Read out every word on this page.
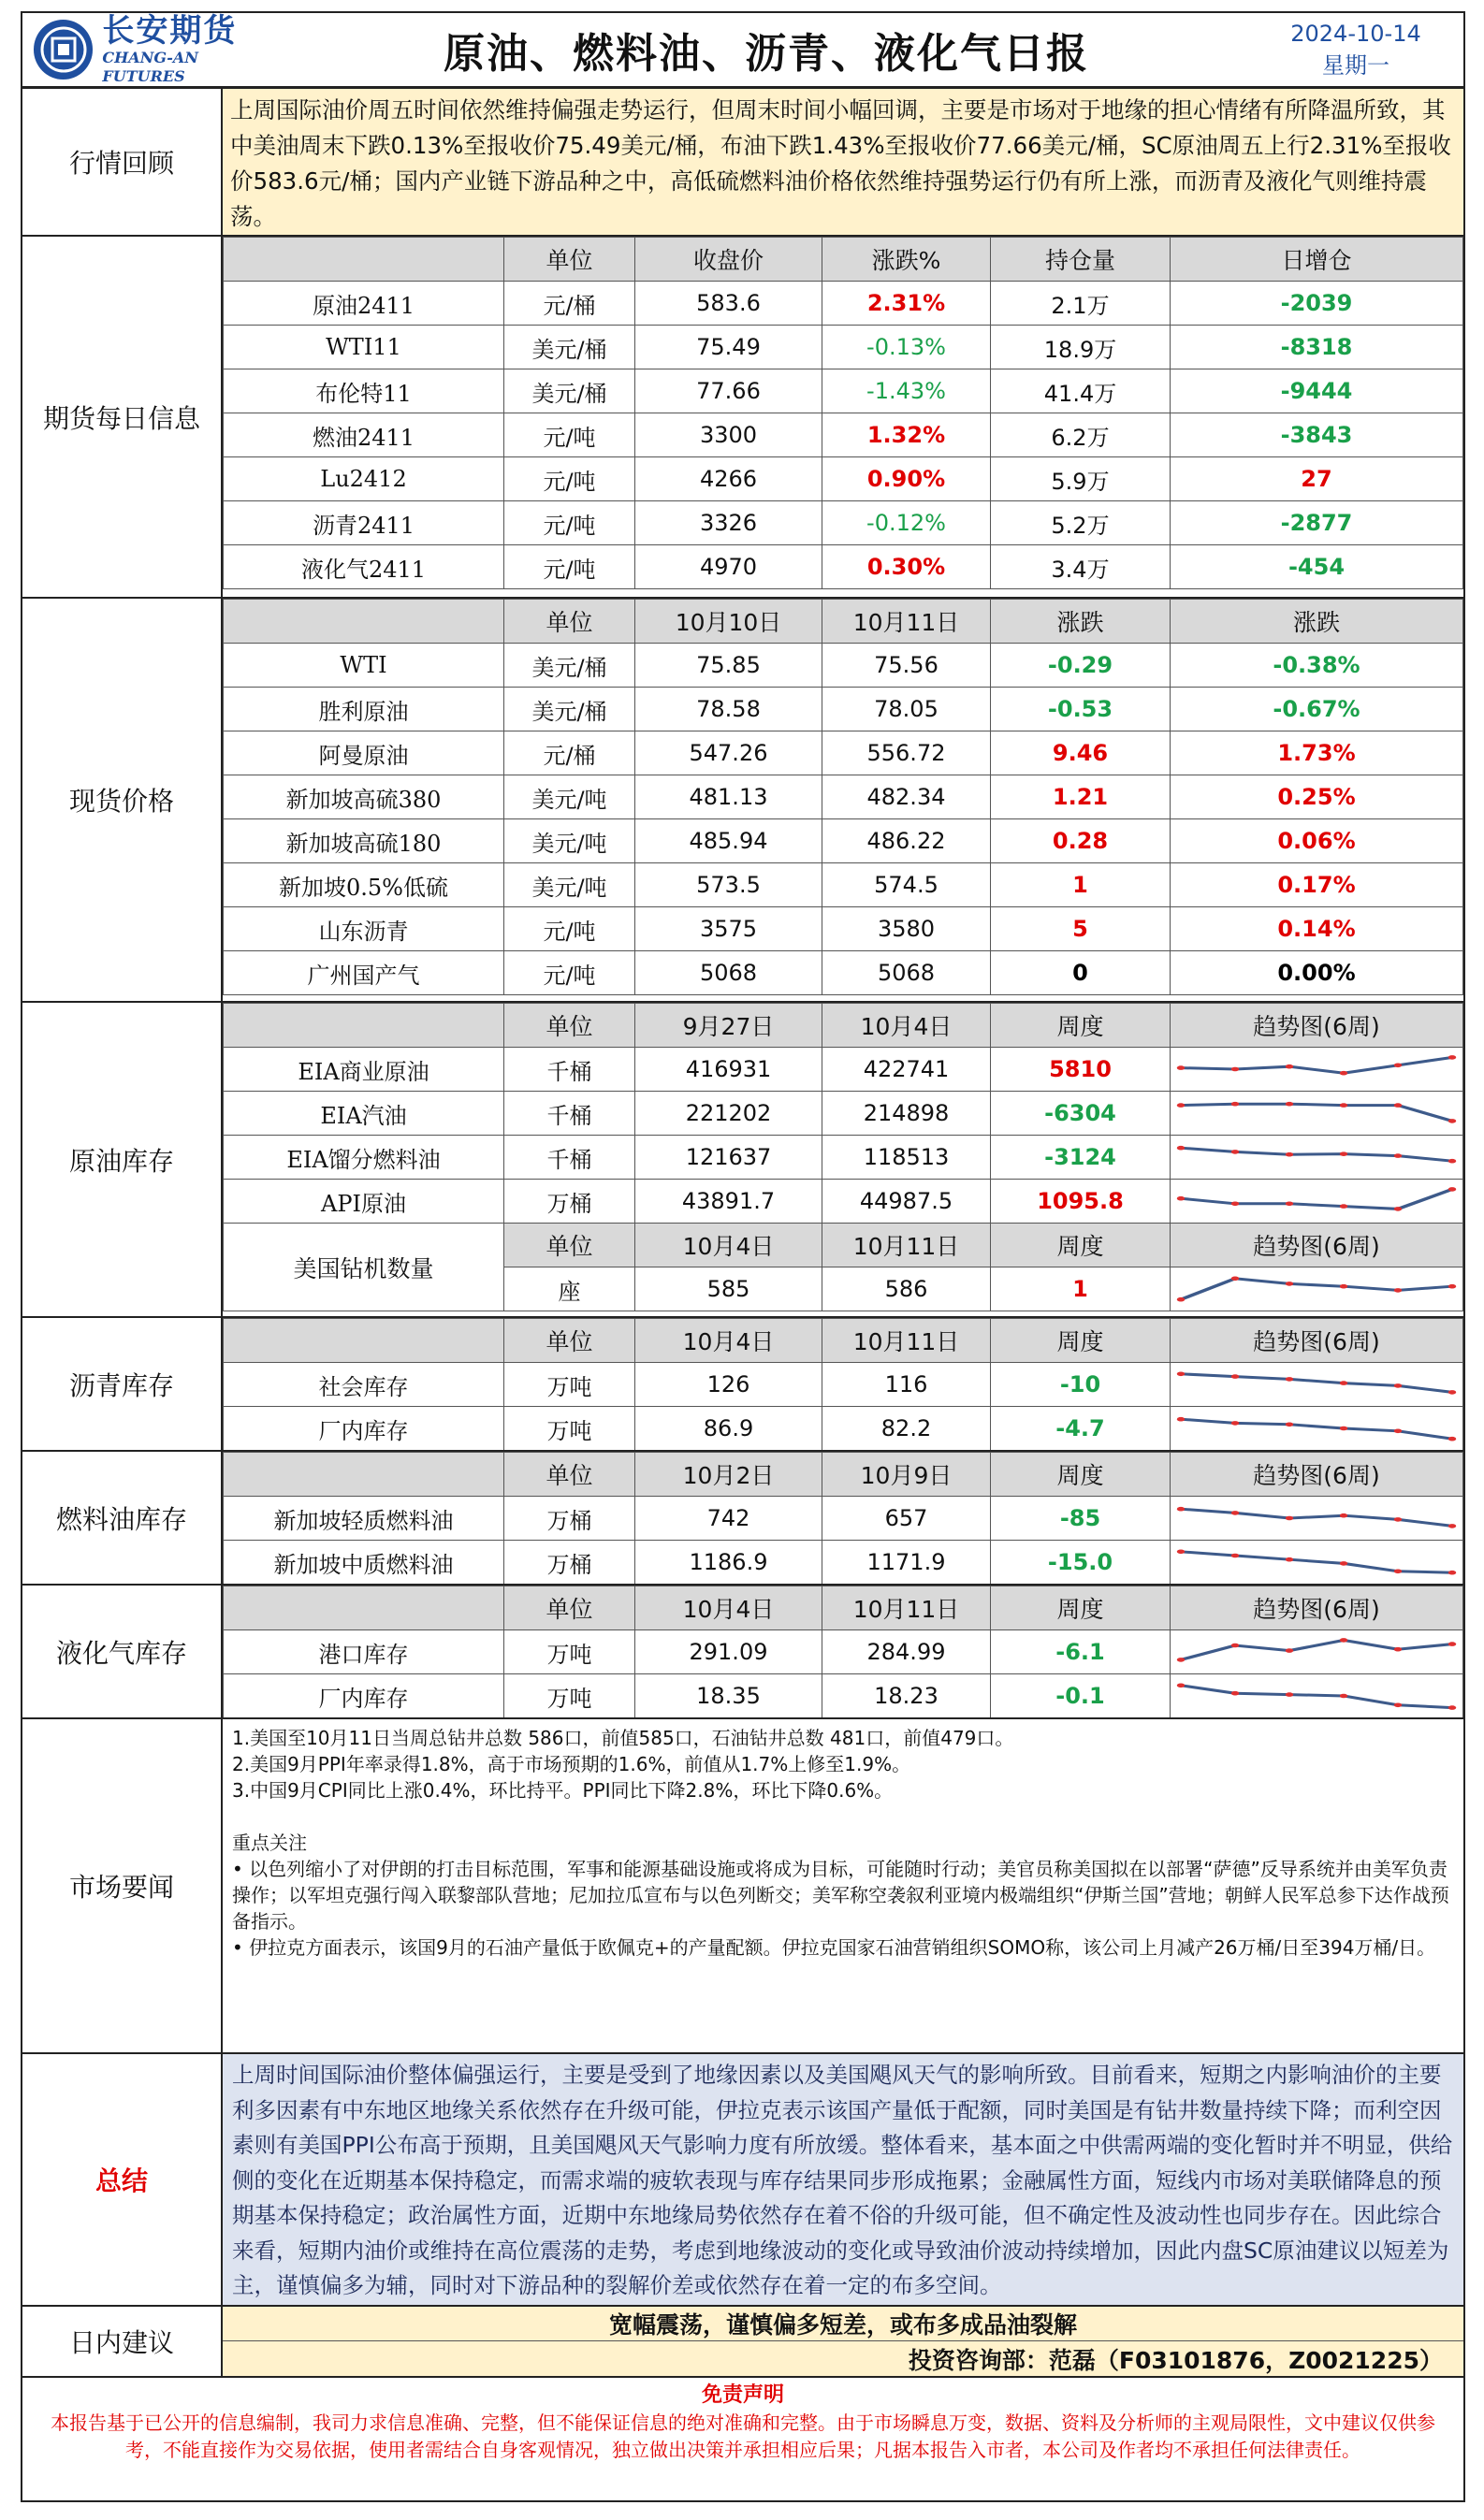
长安期货
CHANG-AN FUTURES	原油、燃料油、沥青、液化气日报	2024-10-14
星期一
行情回顾
上周国际油价周五时间依然维持偏强走势运行，但周末时间小幅回调，主要是市场对于地缘的担心情绪有所降温所致，其中美油周末下跌0.13%至报收价75.49美元/桶，布油下跌1.43%至报收价77.66美元/桶，SC原油周五上行2.31%至报收价583.6元/桶；国内产业链下游品种之中，高低硫燃料油价格依然维持强势运行仍有所上涨，而沥青及液化气则维持震荡。
期货每日信息
	单位	收盘价	涨跌%	持仓量	日增仓
原油2411	元/桶	583.6	2.31%	2.1万	-2039
WTI11	美元/桶	75.49	-0.13%	18.9万	-8318
布伦特11	美元/桶	77.66	-1.43%	41.4万	-9444
燃油2411	元/吨	3300	1.32%	6.2万	-3843
Lu2412	元/吨	4266	0.90%	5.9万	27
沥青2411	元/吨	3326	-0.12%	5.2万	-2877
液化气2411	元/吨	4970	0.30%	3.4万	-454
现货价格
	单位	10月10日	10月11日	涨跌	涨跌
WTI	美元/桶	75.85	75.56	-0.29	-0.38%
胜利原油	美元/桶	78.58	78.05	-0.53	-0.67%
阿曼原油	元/桶	547.26	556.72	9.46	1.73%
新加坡高硫380	美元/吨	481.13	482.34	1.21	0.25%
新加坡高硫180	美元/吨	485.94	486.22	0.28	0.06%
新加坡0.5%低硫	美元/吨	573.5	574.5	1	0.17%
山东沥青	元/吨	3575	3580	5	0.14%
广州国产气	元/吨	5068	5068	0	0.00%
原油库存
	单位	9月27日	10月4日	周度	趋势图(6周)
EIA商业原油	千桶	416931	422741	5810	

EIA汽油	千桶	221202	214898	-6304	

EIA馏分燃料油	千桶	121637	118513	-3124	

API原油	万桶	43891.7	44987.5	1095.8	

美国钻机数量	单位	10月4日	10月11日	周度	趋势图(6周)
	座	585	586	1	
沥青库存
	单位	10月4日	10月11日	周度	趋势图(6周)
社会库存	万吨	126	116	-10	

厂内库存	万吨	86.9	82.2	-4.7	
燃料油库存
	单位	10月2日	10月9日	周度	趋势图(6周)
新加坡轻质燃料油	万桶	742	657	-85	

新加坡中质燃料油	万桶	1186.9	1171.9	-15.0	
液化气库存
	单位	10月4日	10月11日	周度	趋势图(6周)
港口库存	万吨	291.09	284.99	-6.1	

厂内库存	万吨	18.35	18.23	-0.1	
市场要闻
1.美国至10月11日当周总钻井总数 586口，前值585口，石油钻井总数 481口，前值479口。
2.美国9月PPI年率录得1.8%，高于市场预期的1.6%，前值从1.7%上修至1.9%。
3.中国9月CPI同比上涨0.4%，环比持平。PPI同比下降2.8%，环比下降0.6%。
重点关注
• 以色列缩小了对伊朗的打击目标范围，军事和能源基础设施或将成为目标，可能随时行动；美官员称美国拟在以部署“萨德”反导系统并由美军负责操作；以军坦克强行闯入联黎部队营地；尼加拉瓜宣布与以色列断交；美军称空袭叙利亚境内极端组织“伊斯兰国”营地；朝鲜人民军总参下达作战预备指示。
• 伊拉克方面表示，该国9月的石油产量低于欧佩克+的产量配额。伊拉克国家石油营销组织SOMO称，该公司上月减产26万桶/日至394万桶/日。
总结
上周时间国际油价整体偏强运行，主要是受到了地缘因素以及美国飓风天气的影响所致。目前看来，短期之内影响油价的主要利多因素有中东地区地缘关系依然存在升级可能，伊拉克表示该国产量低于配额，同时美国是有钻井数量持续下降；而利空因素则有美国PPI公布高于预期，且美国飓风天气影响力度有所放缓。整体看来，基本面之中供需两端的变化暂时并不明显，供给侧的变化在近期基本保持稳定，而需求端的疲软表现与库存结果同步形成拖累；金融属性方面，短线内市场对美联储降息的预期基本保持稳定；政治属性方面，近期中东地缘局势依然存在着不俗的升级可能，但不确定性及波动性也同步存在。因此综合来看，短期内油价或维持在高位震荡的走势，考虑到地缘波动的变化或导致油价波动持续增加，因此内盘SC原油建议以短差为主，谨慎偏多为辅，同时对下游品种的裂解价差或依然存在着一定的布多空间。
日内建议
宽幅震荡，谨慎偏多短差，或布多成品油裂解
投资咨询部：范磊（F03101876，Z0021225）
免责声明
本报告基于已公开的信息编制，我司力求信息准确、完整，但不能保证信息的绝对准确和完整。由于市场瞬息万变，数据、资料及分析师的主观局限性，文中建议仅供参考，不能直接作为交易依据，使用者需结合自身客观情况，独立做出决策并承担相应后果；凡据本报告入市者，本公司及作者均不承担任何法律责任。
